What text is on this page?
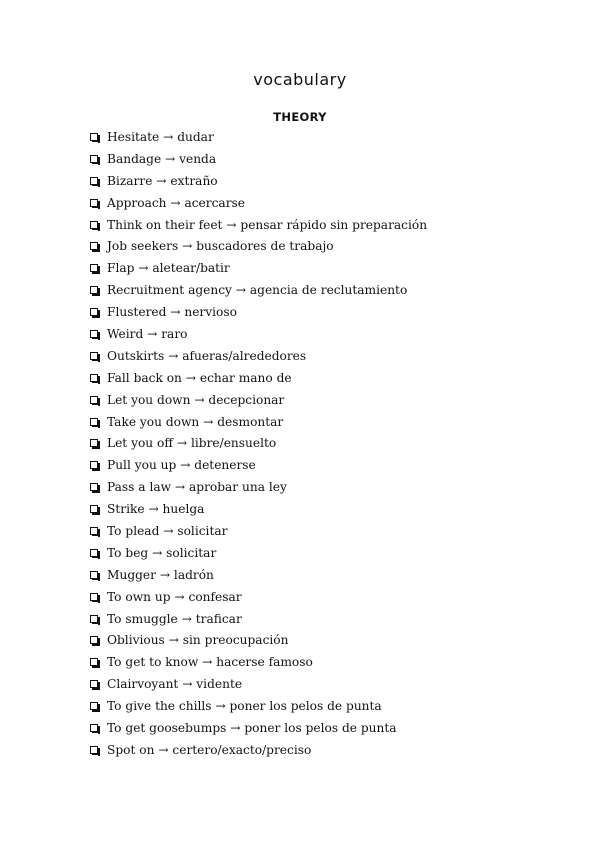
vocabulary
THEORY
Hesitate → dudar
Bandage → venda
Bizarre → extraño
Approach → acercarse
Think on their feet → pensar rápido sin preparación
Job seekers → buscadores de trabajo
Flap → aletear/batir
Recruitment agency → agencia de reclutamiento
Flustered → nervioso
Weird → raro
Outskirts → afueras/alrededores
Fall back on → echar mano de
Let you down → decepcionar
Take you down → desmontar
Let you off → libre/ensuelto
Pull you up → detenerse
Pass a law → aprobar una ley
Strike → huelga
To plead → solicitar
To beg → solicitar
Mugger → ladrón
To own up → confesar
To smuggle → traficar
Oblivious → sin preocupación
To get to know → hacerse famoso
Clairvoyant → vidente
To give the chills → poner los pelos de punta
To get goosebumps → poner los pelos de punta
Spot on → certero/exacto/preciso
